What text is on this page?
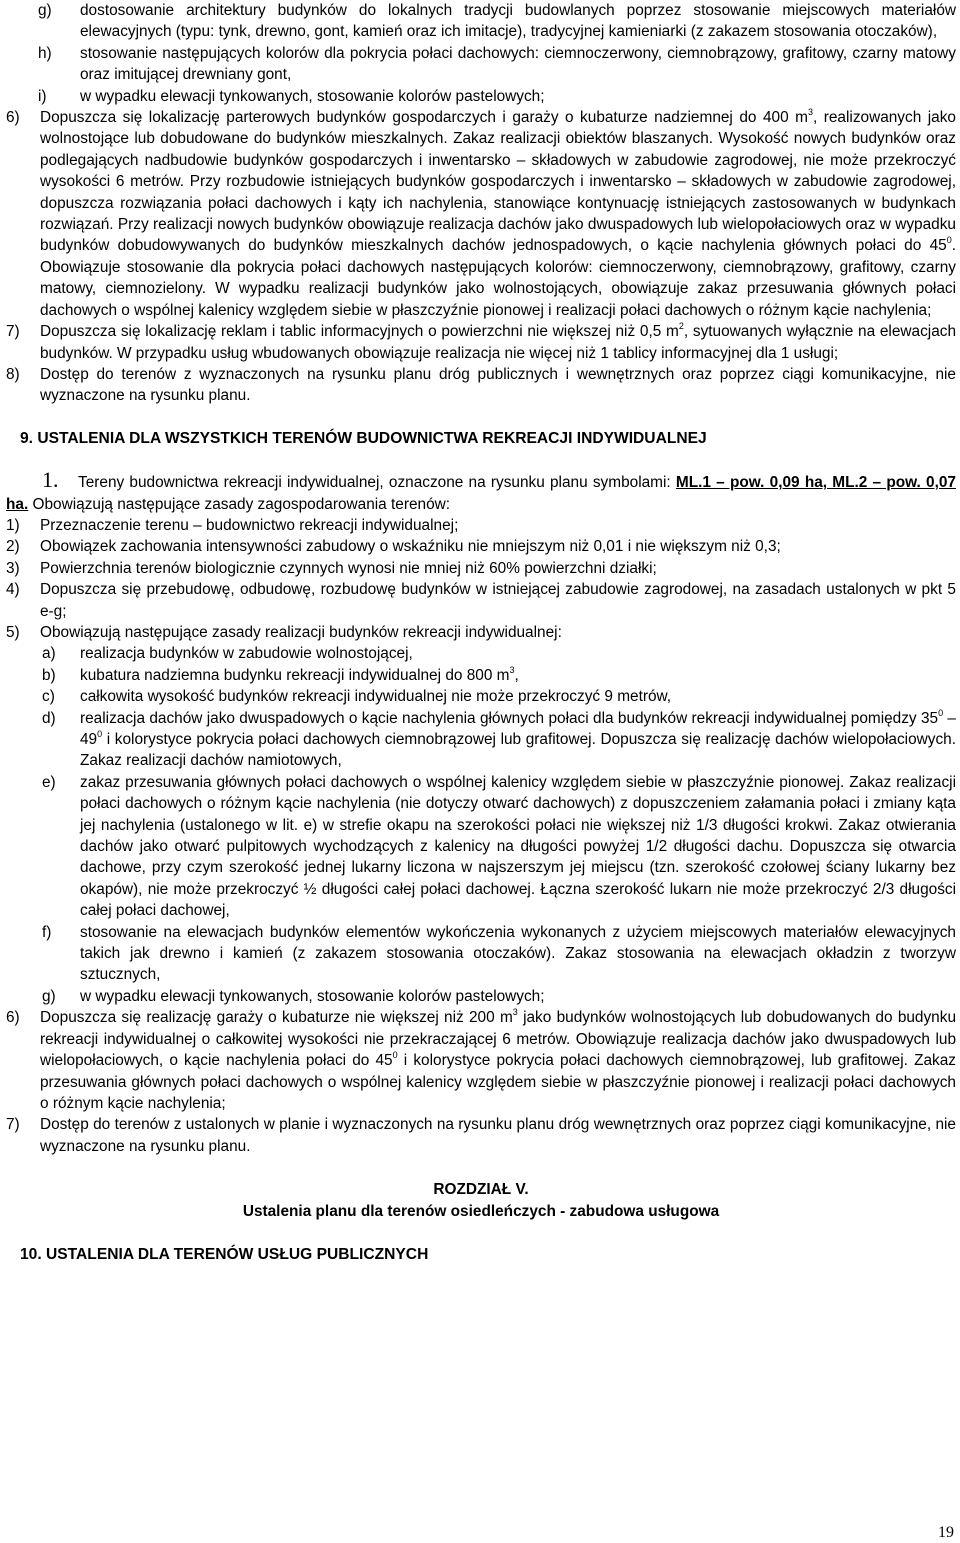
g)	dostosowanie architektury budynków do lokalnych tradycji budowlanych poprzez stosowanie miejscowych materiałów elewacyjnych (typu: tynk, drewno, gont, kamień oraz ich imitacje), tradycyjnej kamieniarki (z zakazem stosowania otoczaków),
h)	stosowanie następujących kolorów dla pokrycia połaci dachowych: ciemnoczerwony, ciemnobrązowy, grafitowy, czarny matowy oraz imitującej drewniany gont,
i)	w wypadku elewacji tynkowanych, stosowanie kolorów pastelowych;
6)	Dopuszcza się lokalizację parterowych budynków gospodarczych i garaży o kubaturze nadziemnej do 400 $m^3$, realizowanych jako wolnostojące lub dobudowane do budynków mieszkalnych. Zakaz realizacji obiektów blaszanych. Wysokość nowych budynków oraz podlegających nadbudowie budynków gospodarczych i inwentarsko – składowych w zabudowie zagrodowej, nie może przekroczyć wysokości 6 metrów. Przy rozbudowie istniejących budynków gospodarczych i inwentarsko – składowych w zabudowie zagrodowej, dopuszcza rozwiązania połaci dachowych i kąty ich nachylenia, stanowiące kontynuację istniejących zastosowanych w budynkach rozwiązań. Przy realizacji nowych budynków obowiązuje realizacja dachów jako dwuspadowych lub wielopołaciowych oraz w wypadku budynków dobudowywanych do budynków mieszkalnych dachów jednospadowych, o kącie nachylenia głównych połaci do $45^0$. Obowiązuje stosowanie dla pokrycia połaci dachowych następujących kolorów: ciemnoczerwony, ciemnobrązowy, grafitowy, czarny matowy, ciemnozielony. W wypadku realizacji budynków jako wolnostojących, obowiązuje zakaz przesuwania głównych połaci dachowych o wspólnej kalenicy względem siebie w płaszczyźnie pionowej i realizacji połaci dachowych o różnym kącie nachylenia;
7)	Dopuszcza się lokalizację reklam i tablic informacyjnych o powierzchni nie większej niż 0,5 $m^2$, sytuowanych wyłącznie na elewacjach budynków. W przypadku usług wbudowanych obowiązuje realizacja nie więcej niż 1 tablicy informacyjnej dla 1 usługi;
8)	Dostęp do terenów z wyznaczonych na rysunku planu dróg publicznych i wewnętrznych oraz poprzez ciągi komunikacyjne, nie wyznaczone na rysunku planu.
9. USTALENIA DLA WSZYSTKICH TERENÓW BUDOWNICTWA REKREACJI INDYWIDUALNEJ
1. Tereny budownictwa rekreacji indywidualnej, oznaczone na rysunku planu symbolami: ML.1 – pow. 0,09 ha, ML.2 – pow. 0,07 ha. Obowiązują następujące zasady zagospodarowania terenów:
1)	Przeznaczenie terenu – budownictwo rekreacji indywidualnej;
2)	Obowiązek zachowania intensywności zabudowy o wskaźniku nie mniejszym niż 0,01 i nie większym niż 0,3;
3)	Powierzchnia terenów biologicznie czynnych wynosi nie mniej niż 60% powierzchni działki;
4)	Dopuszcza się przebudowę, odbudowę, rozbudowę budynków w istniejącej zabudowie zagrodowej, na zasadach ustalonych w pkt 5 e-g;
5)	Obowiązują następujące zasady realizacji budynków rekreacji indywidualnej:
a)	realizacja budynków w zabudowie wolnostojącej,
b)	kubatura nadziemna budynku rekreacji indywidualnej do 800 $m^3$,
c)	całkowita wysokość budynków rekreacji indywidualnej nie może przekroczyć 9 metrów,
d)	realizacja dachów jako dwuspadowych o kącie nachylenia głównych połaci dla budynków rekreacji indywidualnej pomiędzy $35^0 - 49^0$ i kolorystyce pokrycia połaci dachowych ciemnobrązowej lub grafitowej. Dopuszcza się realizację dachów wielopołaciowych. Zakaz realizacji dachów namiotowych,
e)	zakaz przesuwania głównych połaci dachowych o wspólnej kalenicy względem siebie w płaszczyźnie pionowej. Zakaz realizacji połaci dachowych o różnym kącie nachylenia (nie dotyczy otwarć dachowych) z dopuszczeniem załamania połaci i zmiany kąta jej nachylenia (ustalonego w lit. e) w strefie okapu na szerokości połaci nie większej niż 1/3 długości krokwi. Zakaz otwierania dachów jako otwarć pulpitowych wychodzących z kalenicy na długości powyżej 1/2 długości dachu. Dopuszcza się otwarcia dachowe, przy czym szerokość jednej lukarny liczona w najszerszym jej miejscu (tzn. szerokość czołowej ściany lukarny bez okapów), nie może przekroczyć ½ długości całej połaci dachowej. Łączna szerokość lukarn nie może przekroczyć 2/3 długości całej połaci dachowej,
f)	stosowanie na elewacjach budynków elementów wykończenia wykonanych z użyciem miejscowych materiałów elewacyjnych takich jak drewno i kamień (z zakazem stosowania otoczaków). Zakaz stosowania na elewacjach okładzin z tworzyw sztucznych,
g)	w wypadku elewacji tynkowanych, stosowanie kolorów pastelowych;
6)	Dopuszcza się realizację garaży o kubaturze nie większej niż 200 $m^3$ jako budynków wolnostojących lub dobudowanych do budynku rekreacji indywidualnej o całkowitej wysokości nie przekraczającej 6 metrów. Obowiązuje realizacja dachów jako dwuspadowych lub wielopołaciowych, o kącie nachylenia połaci do $45^0$ i kolorystyce pokrycia połaci dachowych ciemnobrązowej, lub grafitowej. Zakaz przesuwania głównych połaci dachowych o wspólnej kalenicy względem siebie w płaszczyźnie pionowej i realizacji połaci dachowych o różnym kącie nachylenia;
7)	Dostęp do terenów z ustalonych w planie i wyznaczonych na rysunku planu dróg wewnętrznych oraz poprzez ciągi komunikacyjne, nie wyznaczone na rysunku planu.
ROZDZIAŁ V.
Ustalenia planu dla terenów osiedleńczych - zabudowa usługowa
10. USTALENIA DLA TERENÓW USŁUG PUBLICZNYCH
19
